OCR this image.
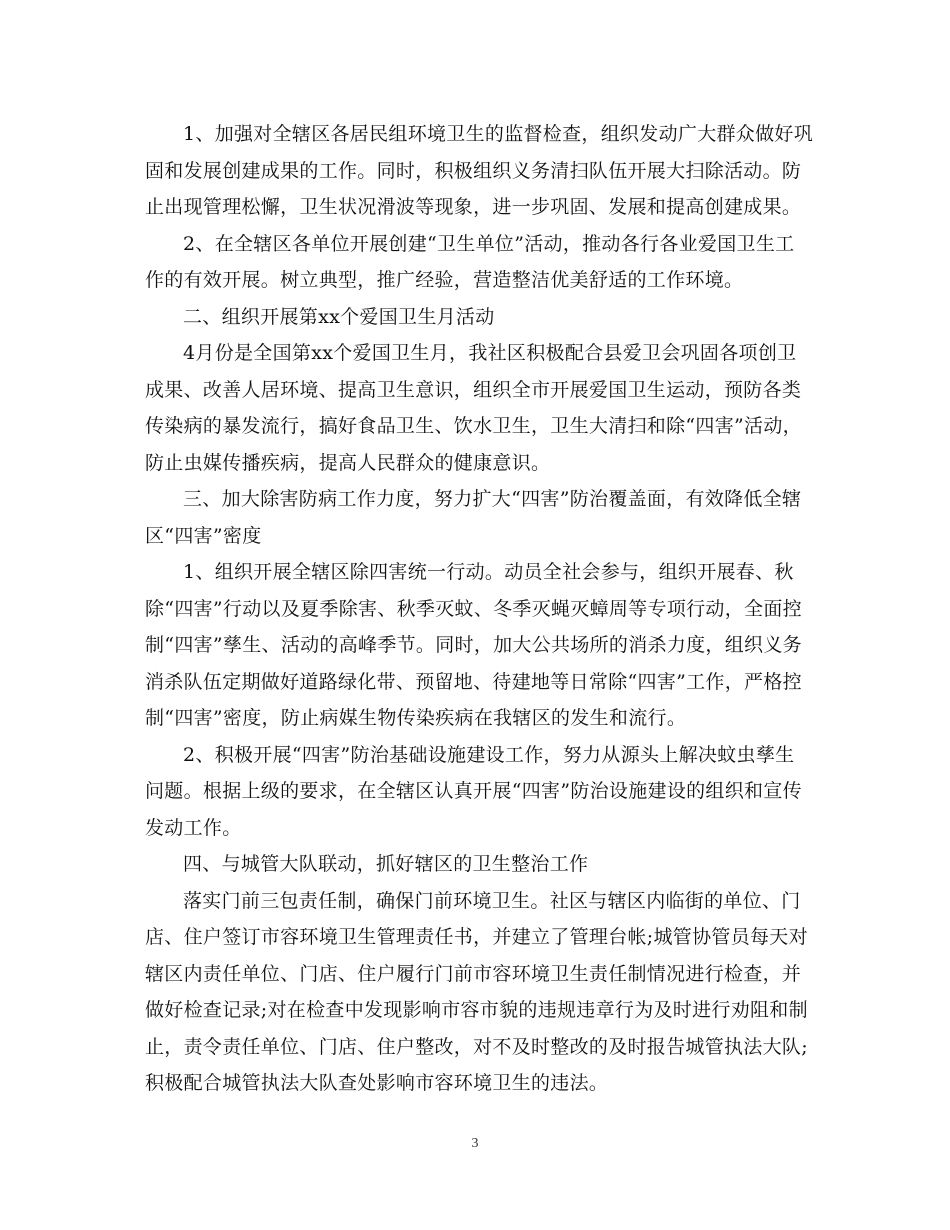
1、加强对全辖区各居民组环境卫生的监督检查，组织发动广大群众做好巩固和发展创建成果的工作。同时，积极组织义务清扫队伍开展大扫除活动。防止出现管理松懈，卫生状况滑波等现象，进一步巩固、发展和提高创建成果。

2、在全辖区各单位开展创建“卫生单位”活动，推动各行各业爱国卫生工作的有效开展。树立典型，推广经验，营造整洁优美舒适的工作环境。

二、组织开展第xx个爱国卫生月活动

4月份是全国第xx个爱国卫生月，我社区积极配合县爱卫会巩固各项创卫成果、改善人居环境、提高卫生意识，组织全市开展爱国卫生运动，预防各类传染病的暴发流行，搞好食品卫生、饮水卫生，卫生大清扫和除“四害”活动，防止虫媒传播疾病，提高人民群众的健康意识。

三、加大除害防病工作力度，努力扩大“四害”防治覆盖面，有效降低全辖区“四害”密度

1、组织开展全辖区除四害统一行动。动员全社会参与，组织开展春、秋除“四害”行动以及夏季除害、秋季灭蚊、冬季灭蝇灭蟑周等专项行动，全面控制“四害”孳生、活动的高峰季节。同时，加大公共场所的消杀力度，组织义务消杀队伍定期做好道路绿化带、预留地、待建地等日常除“四害”工作，严格控制“四害”密度，防止病媒生物传染疾病在我辖区的发生和流行。

2、积极开展“四害”防治基础设施建设工作，努力从源头上解决蚊虫孳生问题。根据上级的要求，在全辖区认真开展“四害”防治设施建设的组织和宣传发动工作。

四、与城管大队联动，抓好辖区的卫生整治工作

落实门前三包责任制，确保门前环境卫生。社区与辖区内临街的单位、门店、住户签订市容环境卫生管理责任书，并建立了管理台帐;城管协管员每天对辖区内责任单位、门店、住户履行门前市容环境卫生责任制情况进行检查，并做好检查记录;对在检查中发现影响市容市貌的违规违章行为及时进行劝阻和制止，责令责任单位、门店、住户整改，对不及时整改的及时报告城管执法大队;积极配合城管执法大队查处影响市容环境卫生的违法。

3
